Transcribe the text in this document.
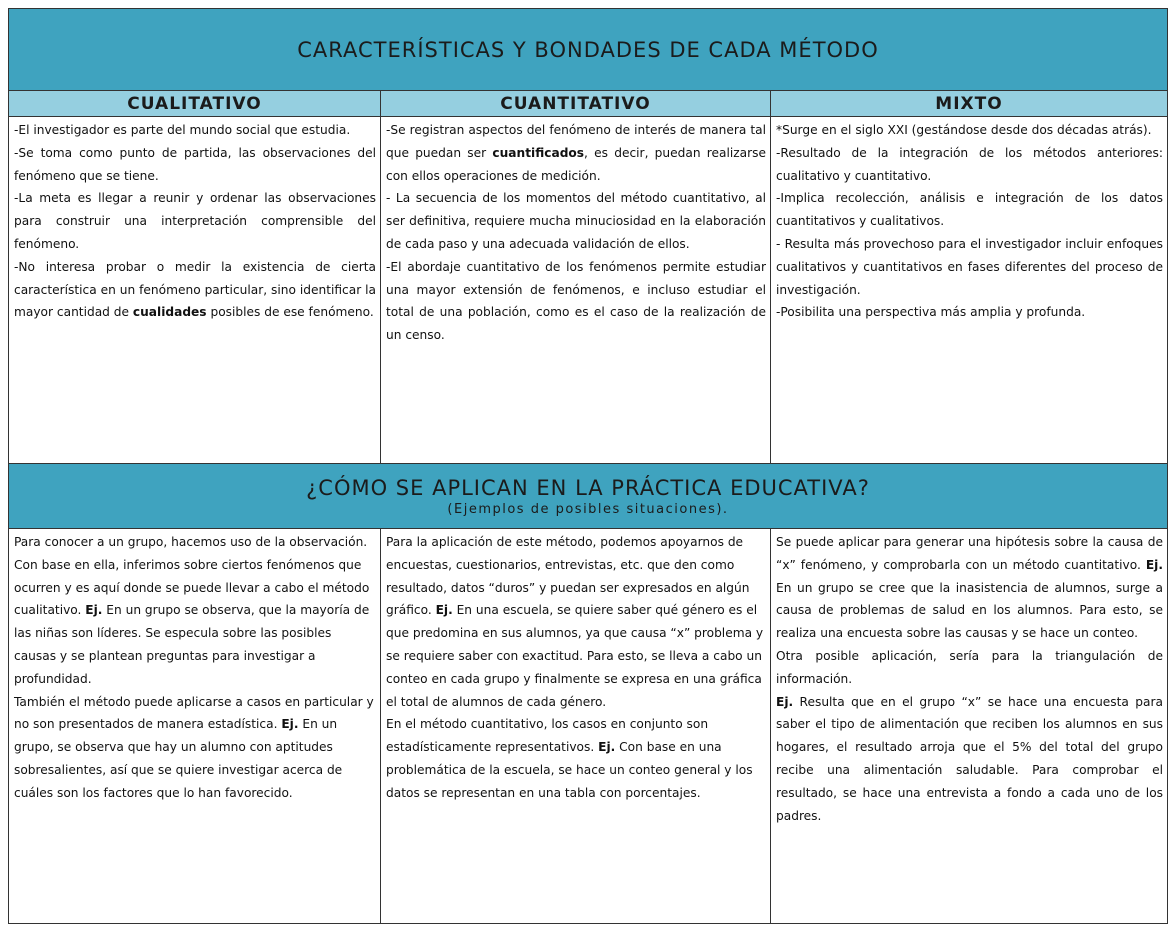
CARACTERÍSTICAS Y BONDADES DE CADA MÉTODO
CUALITATIVO	CUANTITATIVO	MIXTO
-El investigador es parte del mundo social que estudia.
-Se toma como punto de partida, las observaciones del fenómeno que se tiene.
-La meta es llegar a reunir y ordenar las observaciones para construir una interpretación comprensible del fenómeno.
-No interesa probar o medir la existencia de cierta característica en un fenómeno particular, sino identificar la mayor cantidad de cualidades posibles de ese fenómeno.
-Se registran aspectos del fenómeno de interés de manera tal que puedan ser cuantificados, es decir, puedan realizarse con ellos operaciones de medición.
- La secuencia de los momentos del método cuantitativo, al ser definitiva, requiere mucha minuciosidad en la elaboración de cada paso y una adecuada validación de ellos.
-El abordaje cuantitativo de los fenómenos permite estudiar una mayor extensión de fenómenos, e incluso estudiar el total de una población, como es el caso de la realización de un censo.
*Surge en el siglo XXI (gestándose desde dos décadas atrás).
-Resultado de la integración de los métodos anteriores: cualitativo y cuantitativo.
-Implica recolección, análisis e integración de los datos cuantitativos y cualitativos.
- Resulta más provechoso para el investigador incluir enfoques cualitativos y cuantitativos en fases diferentes del proceso de investigación.
-Posibilita una perspectiva más amplia y profunda.
¿CÓMO SE APLICAN EN LA PRÁCTICA EDUCATIVA?
(Ejemplos de posibles situaciones).
Para conocer a un grupo, hacemos uso de la observación. Con base en ella, inferimos sobre ciertos fenómenos que ocurren y es aquí donde se puede llevar a cabo el método cualitativo. Ej. En un grupo se observa, que la mayoría de las niñas son líderes. Se especula sobre las posibles causas y se plantean preguntas para investigar a profundidad.
También el método puede aplicarse a casos en particular y no son presentados de manera estadística. Ej. En un grupo, se observa que hay un alumno con aptitudes sobresalientes, así que se quiere investigar acerca de cuáles son los factores que lo han favorecido.
Para la aplicación de este método, podemos apoyarnos de encuestas, cuestionarios, entrevistas, etc. que den como resultado, datos “duros” y puedan ser expresados en algún gráfico. Ej. En una escuela, se quiere saber qué género es el que predomina en sus alumnos, ya que causa “x” problema y se requiere saber con exactitud. Para esto, se lleva a cabo un conteo en cada grupo y finalmente se expresa en una gráfica el total de alumnos de cada género.
En el método cuantitativo, los casos en conjunto son estadísticamente representativos. Ej. Con base en una problemática de la escuela, se hace un conteo general y los datos se representan en una tabla con porcentajes.
Se puede aplicar para generar una hipótesis sobre la causa de “x” fenómeno, y comprobarla con un método cuantitativo. Ej. En un grupo se cree que la inasistencia de alumnos, surge a causa de problemas de salud en los alumnos. Para esto, se realiza una encuesta sobre las causas y se hace un conteo.
Otra posible aplicación, sería para la triangulación de información.
Ej. Resulta que en el grupo “x” se hace una encuesta para saber el tipo de alimentación que reciben los alumnos en sus hogares, el resultado arroja que el 5% del total del grupo recibe una alimentación saludable. Para comprobar el resultado, se hace una entrevista a fondo a cada uno de los padres.
